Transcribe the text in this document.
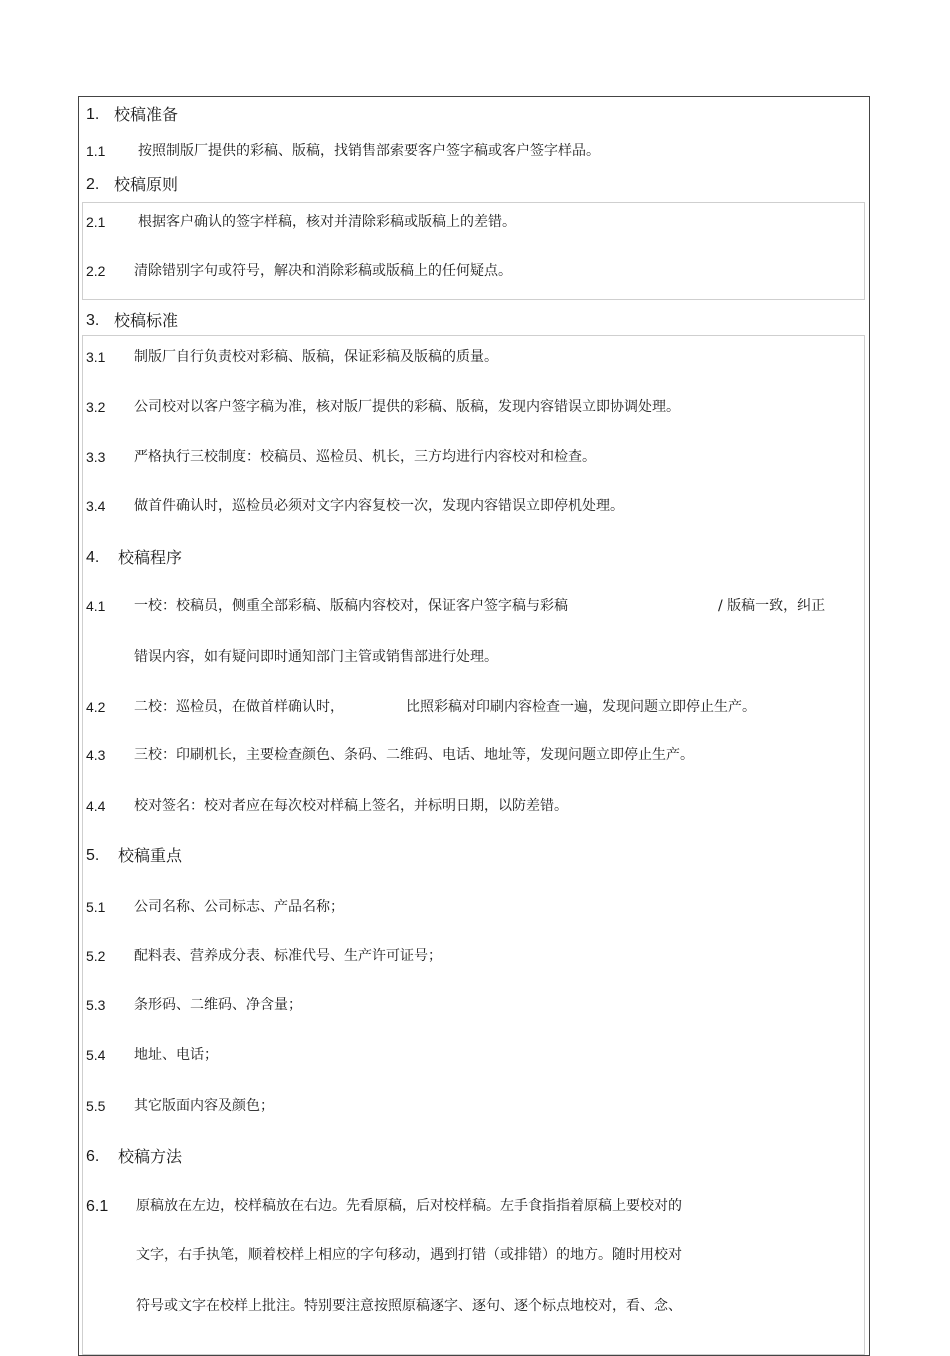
1. 校稿准备
1.1 按照制版厂提供的彩稿、版稿，找销售部索要客户签字稿或客户签字样品。
2. 校稿原则
2.1 根据客户确认的签字样稿，核对并清除彩稿或版稿上的差错。
2.2 清除错别字句或符号，解决和消除彩稿或版稿上的任何疑点。
3. 校稿标准
3.1 制版厂自行负责校对彩稿、版稿，保证彩稿及版稿的质量。
3.2 公司校对以客户签字稿为准，核对版厂提供的彩稿、版稿，发现内容错误立即协调处理。
3.3 严格执行三校制度：校稿员、巡检员、机长，三方均进行内容校对和检查。
3.4 做首件确认时，巡检员必须对文字内容复校一次，发现内容错误立即停机处理。
4. 校稿程序
4.1 一校：校稿员，侧重全部彩稿、版稿内容校对，保证客户签字稿与彩稿	/ 版稿一致，纠正
错误内容，如有疑问即时通知部门主管或销售部进行处理。
4.2 二校：巡检员，在做首样确认时，	比照彩稿对印刷内容检查一遍，发现问题立即停止生产。
4.3 三校：印刷机长，主要检查颜色、条码、二维码、电话、地址等，发现问题立即停止生产。
4.4 校对签名：校对者应在每次校对样稿上签名，并标明日期，以防差错。
5. 校稿重点
5.1 公司名称、公司标志、产品名称；
5.2 配料表、营养成分表、标准代号、生产许可证号；
5.3 条形码、二维码、净含量；
5.4 地址、电话；
5.5 其它版面内容及颜色；
6. 校稿方法
6.1 原稿放在左边，校样稿放在右边。先看原稿，后对校样稿。左手食指指着原稿上要校对的
文字，右手执笔，顺着校样上相应的字句移动，遇到打错（或排错）的地方。随时用校对
符号或文字在校样上批注。特别要注意按照原稿逐字、逐句、逐个标点地校对，看、念、
